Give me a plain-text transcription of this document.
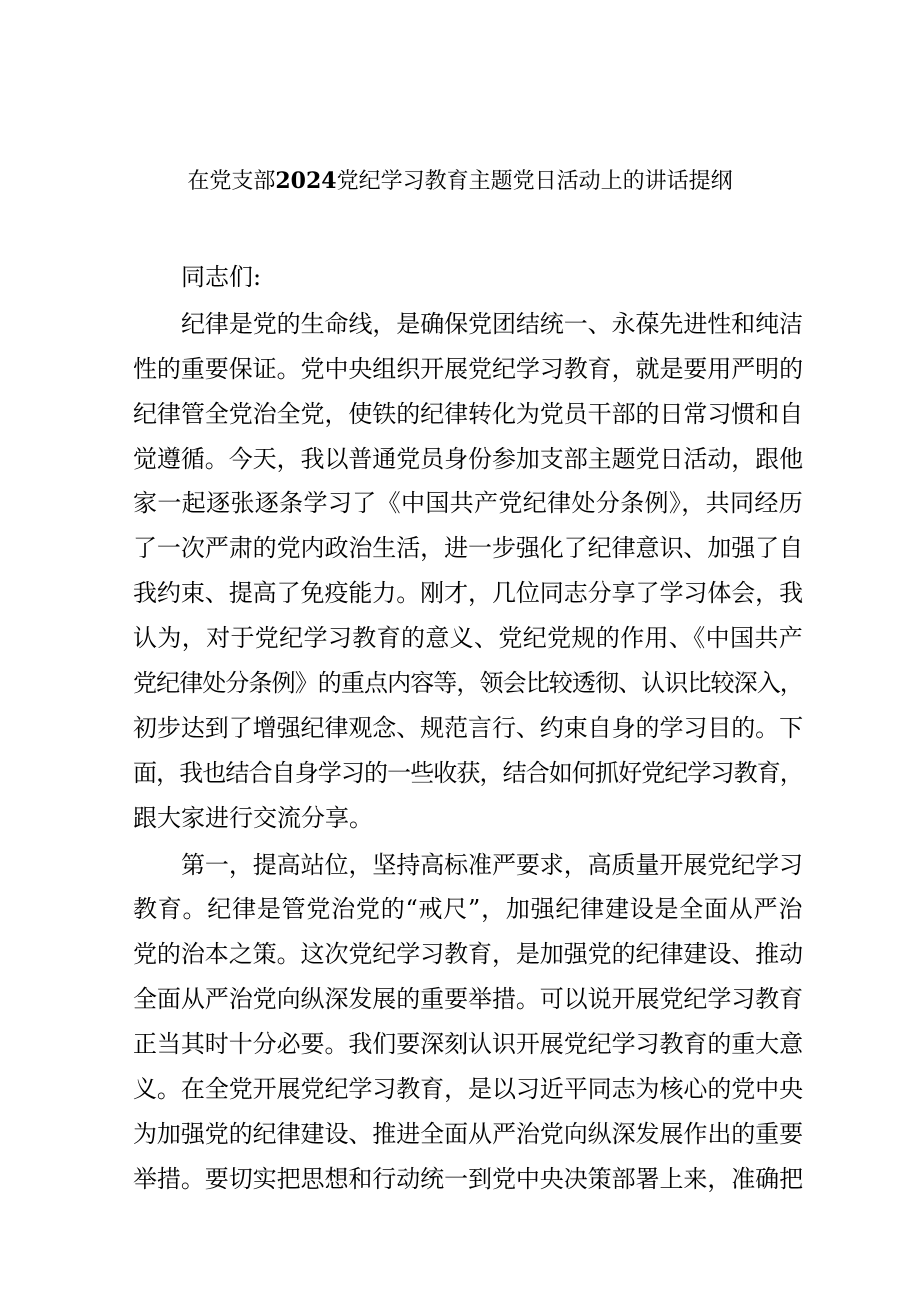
在党支部2024党纪学习教育主题党日活动上的讲话提纲
同志们:
纪律是党的生命线，是确保党团结统一、永葆先进性和纯洁
性的重要保证。党中央组织开展党纪学习教育，就是要用严明的
纪律管全党治全党，使铁的纪律转化为党员干部的日常习惯和自
觉遵循。今天，我以普通党员身份参加支部主题党日活动，跟他
家一起逐张逐条学习了《中国共产党纪律处分条例》，共同经历
了一次严肃的党内政治生活，进一步强化了纪律意识、加强了自
我约束、提高了免疫能力。刚才，几位同志分享了学习体会，我
认为，对于党纪学习教育的意义、党纪党规的作用、《中国共产
党纪律处分条例》的重点内容等，领会比较透彻、认识比较深入，
初步达到了增强纪律观念、规范言行、约束自身的学习目的。下
面，我也结合自身学习的一些收获，结合如何抓好党纪学习教育，
跟大家进行交流分享。
第一，提高站位，坚持高标准严要求，高质量开展党纪学习
教育。纪律是管党治党的“戒尺”，加强纪律建设是全面从严治
党的治本之策。这次党纪学习教育，是加强党的纪律建设、推动
全面从严治党向纵深发展的重要举措。可以说开展党纪学习教育
正当其时十分必要。我们要深刻认识开展党纪学习教育的重大意
义。在全党开展党纪学习教育，是以习近平同志为核心的党中央
为加强党的纪律建设、推进全面从严治党向纵深发展作出的重要
举措。要切实把思想和行动统一到党中央决策部署上来，准确把
